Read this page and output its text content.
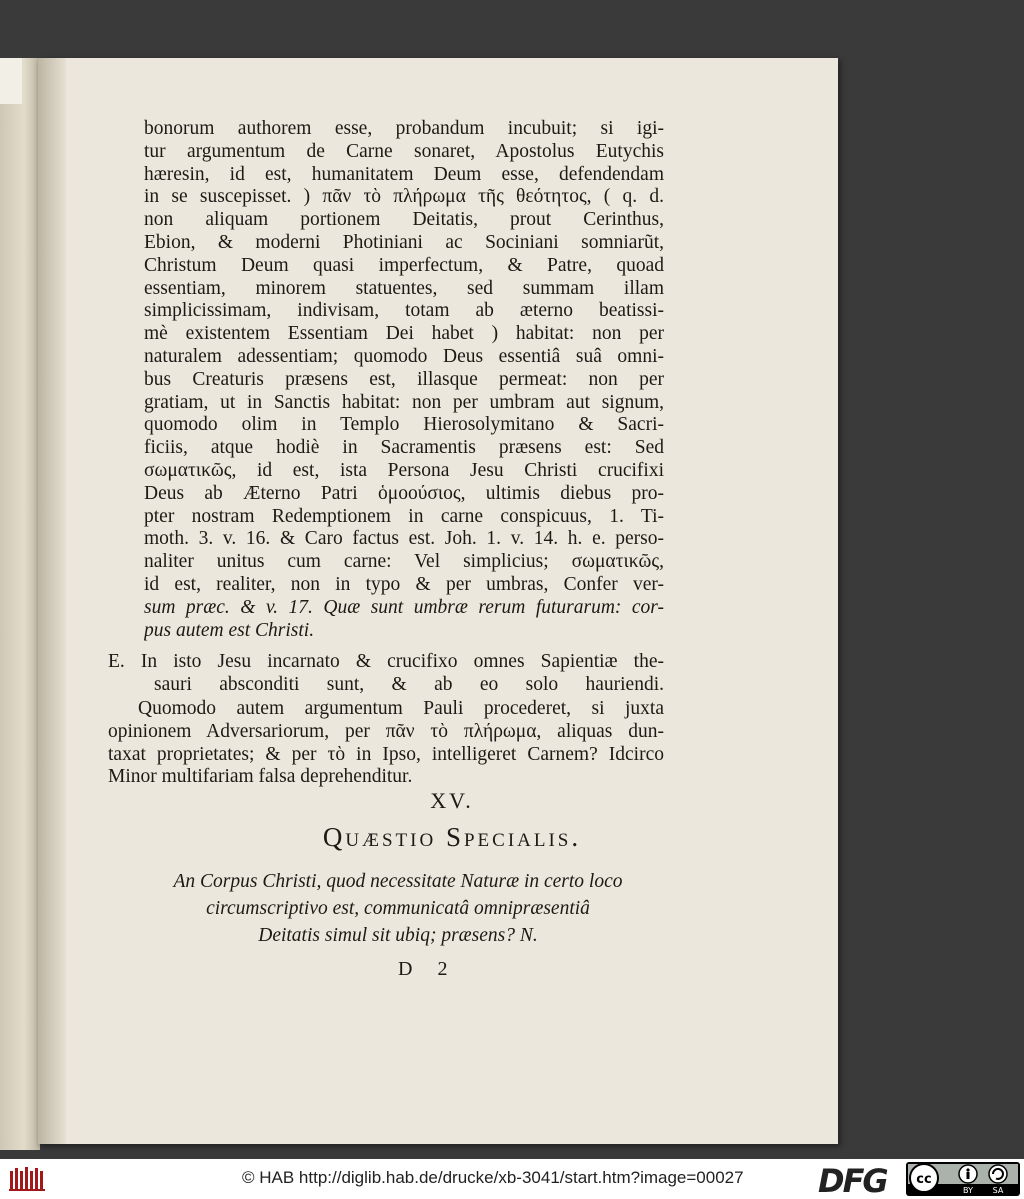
bonorum authorem esse, probandum incubuit; si igi-
tur argumentum de Carne sonaret, Apostolus Eutychis
hæresin, id est, humanitatem Deum esse, defendendam
in se suscepisset. ) πᾶν τὸ πλήρωμα τῆς θεότητος, ( q. d.
non aliquam portionem Deitatis, prout Cerinthus,
Ebion, & moderni Photiniani ac Sociniani somniarũt,
Christum Deum quasi imperfectum, & Patre, quoad
essentiam, minorem statuentes, sed summam illam
simplicissimam, indivisam, totam ab æterno beatissi-
mè existentem Essentiam Dei habet ) habitat: non per
naturalem adessentiam; quomodo Deus essentiâ suâ omni-
bus Creaturis præsens est, illasque permeat: non per
gratiam, ut in Sanctis habitat: non per umbram aut signum,
quomodo olim in Templo Hierosolymitano & Sacri-
ficiis, atque hodiè in Sacramentis præsens est: Sed
σωματικῶς, id est, ista Persona Jesu Christi crucifixi
Deus ab Æterno Patri ὁμοούσιος, ultimis diebus pro-
pter nostram Redemptionem in carne conspicuus, 1. Ti-
moth. 3. v. 16. & Caro factus est. Joh. 1. v. 14. h. e. perso-
naliter unitus cum carne: Vel simplicius; σωματικῶς,
id est, realiter, non in typo & per umbras, Confer ver-
sum præc. & v. 17. Quæ sunt umbræ rerum futurarum: cor-
pus autem est Christi.
E. In isto Jesu incarnato & crucifixo omnes Sapientiæ the-
sauri absconditi sunt, & ab eo solo hauriendi.
Quomodo autem argumentum Pauli procederet, si juxta
opinionem Adversariorum, per πᾶν τὸ πλήρωμα, aliquas dun-
taxat proprietates; & per τὸ in Ipso, intelligeret Carnem? Idcirco
Minor multifariam falsa deprehenditur.
XV.
Quæstio Specialis.
An Corpus Christi, quod necessitate Naturæ in certo loco
circumscriptivo est, communicatâ omnipræsentiâ
Deitatis simul sit ubiq; præsens? N.
D 2
© HAB http://diglib.hab.de/drucke/xb-3041/start.htm?image=00027 DFG cc
BY SA
